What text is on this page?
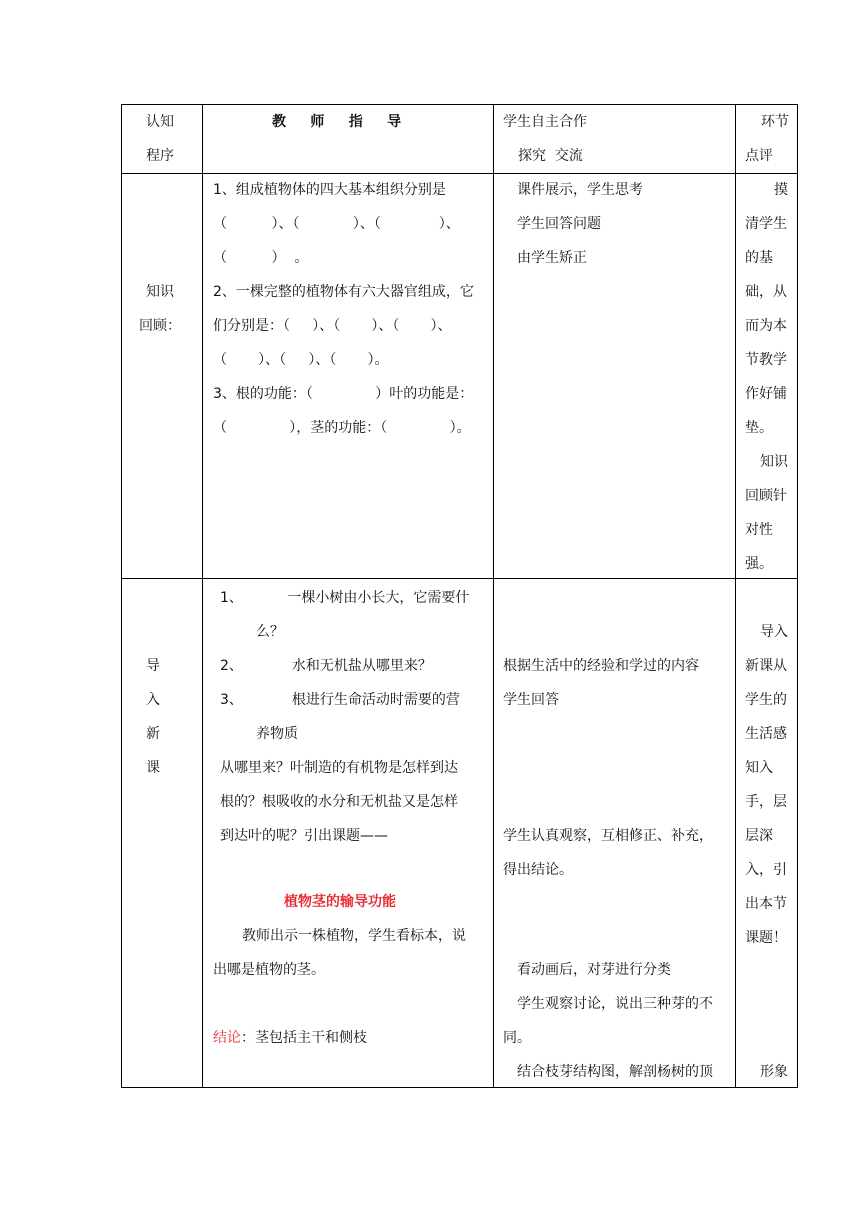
认知
程序
教     师     指     导	学生自主合作
探究  交流
环节
点评
知识
回顾：
1、组成植物体的四大基本组织分别是
（          ）、（            ）、（             ）、
（          ）  。
2、一棵完整的植物体有六大器官组成，它
们分别是：（     ）、（       ）、（       ）、
（       ）、（     ）、（       ）。
3、根的功能：（              ）叶的功能是：
（              ），茎的功能：（              ）。
课件展示，学生思考
学生回答问题
由学生矫正
摸
清学生
的基
础，从
而为本
节教学
作好铺
垫。
知识
回顾针
对性
强。
导
入
新
课
1、          一棵小树由小长大，它需要什
么？
2、           水和无机盐从哪里来？
3、           根进行生命活动时需要的营
养物质
从哪里来？叶制造的有机物是怎样到达
根的？根吸收的水分和无机盐又是怎样
到达叶的呢？引出课题——
植物茎的输导功能
教师出示一株植物，学生看标本，说
出哪是植物的茎。
结论：茎包括主干和侧枝
根据生活中的经验和学过的内容
学生回答
学生认真观察，互相修正、补充，
得出结论。
看动画后，对芽进行分类
学生观察讨论，说出三种芽的不
同。
结合枝芽结构图，解剖杨树的顶
导入
新课从
学生的
生活感
知入
手，层
层深
入，引
出本节
课题！
形象
